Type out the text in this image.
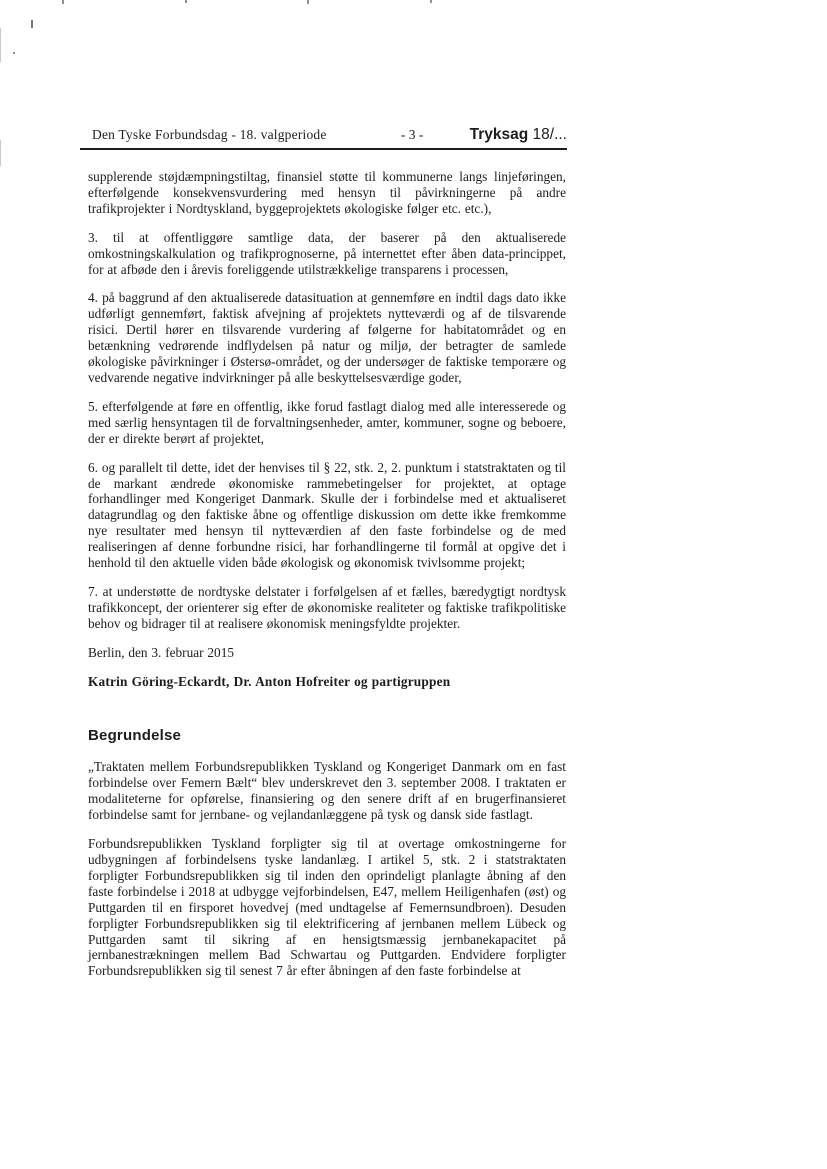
Den Tyske Forbundsdag - 18. valgperiode	- 3 -	Tryksag 18/...

supplerende støjdæmpningstiltag, finansiel støtte til kommunerne langs linjeføringen, efterfølgende konsekvensvurdering med hensyn til påvirkningerne på andre trafikprojekter i Nordtyskland, byggeprojektets økologiske følger etc. etc.),

3. til at offentliggøre samtlige data, der baserer på den aktualiserede omkostningskalkulation og trafikprognoserne, på internettet efter åben data-princippet, for at afbøde den i årevis foreliggende utilstrækkelige transparens i processen,

4. på baggrund af den aktualiserede datasituation at gennemføre en indtil dags dato ikke udførligt gennemført, faktisk afvejning af projektets nytteværdi og af de tilsvarende risici. Dertil hører en tilsvarende vurdering af følgerne for habitatområdet og en betænkning vedrørende indflydelsen på natur og miljø, der betragter de samlede økologiske påvirkninger i Østersø-området, og der undersøger de faktiske temporære og vedvarende negative indvirkninger på alle beskyttelsesværdige goder,

5. efterfølgende at føre en offentlig, ikke forud fastlagt dialog med alle interesserede og med særlig hensyntagen til de forvaltningsenheder, amter, kommuner, sogne og beboere, der er direkte berørt af projektet,

6. og parallelt til dette, idet der henvises til § 22, stk. 2, 2. punktum i statstraktaten og til de markant ændrede økonomiske rammebetingelser for projektet, at optage forhandlinger med Kongeriget Danmark. Skulle der i forbindelse med et aktualiseret datagrundlag og den faktiske åbne og offentlige diskussion om dette ikke fremkomme nye resultater med hensyn til nytteværdien af den faste forbindelse og de med realiseringen af denne forbundne risici, har forhandlingerne til formål at opgive det i henhold til den aktuelle viden både økologisk og økonomisk tvivlsomme projekt;

7. at understøtte de nordtyske delstater i forfølgelsen af et fælles, bæredygtigt nordtysk trafikkoncept, der orienterer sig efter de økonomiske realiteter og faktiske trafikpolitiske behov og bidrager til at realisere økonomisk meningsfyldte projekter.

Berlin, den 3. februar 2015

Katrin Göring-Eckardt, Dr. Anton Hofreiter og partigruppen

Begrundelse

„Traktaten mellem Forbundsrepublikken Tyskland og Kongeriget Danmark om en fast forbindelse over Femern Bælt“ blev underskrevet den 3. september 2008. I traktaten er modaliteterne for opførelse, finansiering og den senere drift af en brugerfinansieret forbindelse samt for jernbane- og vejlandanlæggene på tysk og dansk side fastlagt.

Forbundsrepublikken Tyskland forpligter sig til at overtage omkostningerne for udbygningen af forbindelsens tyske landanlæg. I artikel 5, stk. 2 i statstraktaten forpligter Forbundsrepublikken sig til inden den oprindeligt planlagte åbning af den faste forbindelse i 2018 at udbygge vejforbindelsen, E47, mellem Heiligenhafen (øst) og Puttgarden til en firsporet hovedvej (med undtagelse af Femernsundbroen). Desuden forpligter Forbundsrepublikken sig til elektrificering af jernbanen mellem Lübeck og Puttgarden samt til sikring af en hensigtsmæssig jernbanekapacitet på jernbanestrækningen mellem Bad Schwartau og Puttgarden. Endvidere forpligter Forbundsrepublikken sig til senest 7 år efter åbningen af den faste forbindelse at
